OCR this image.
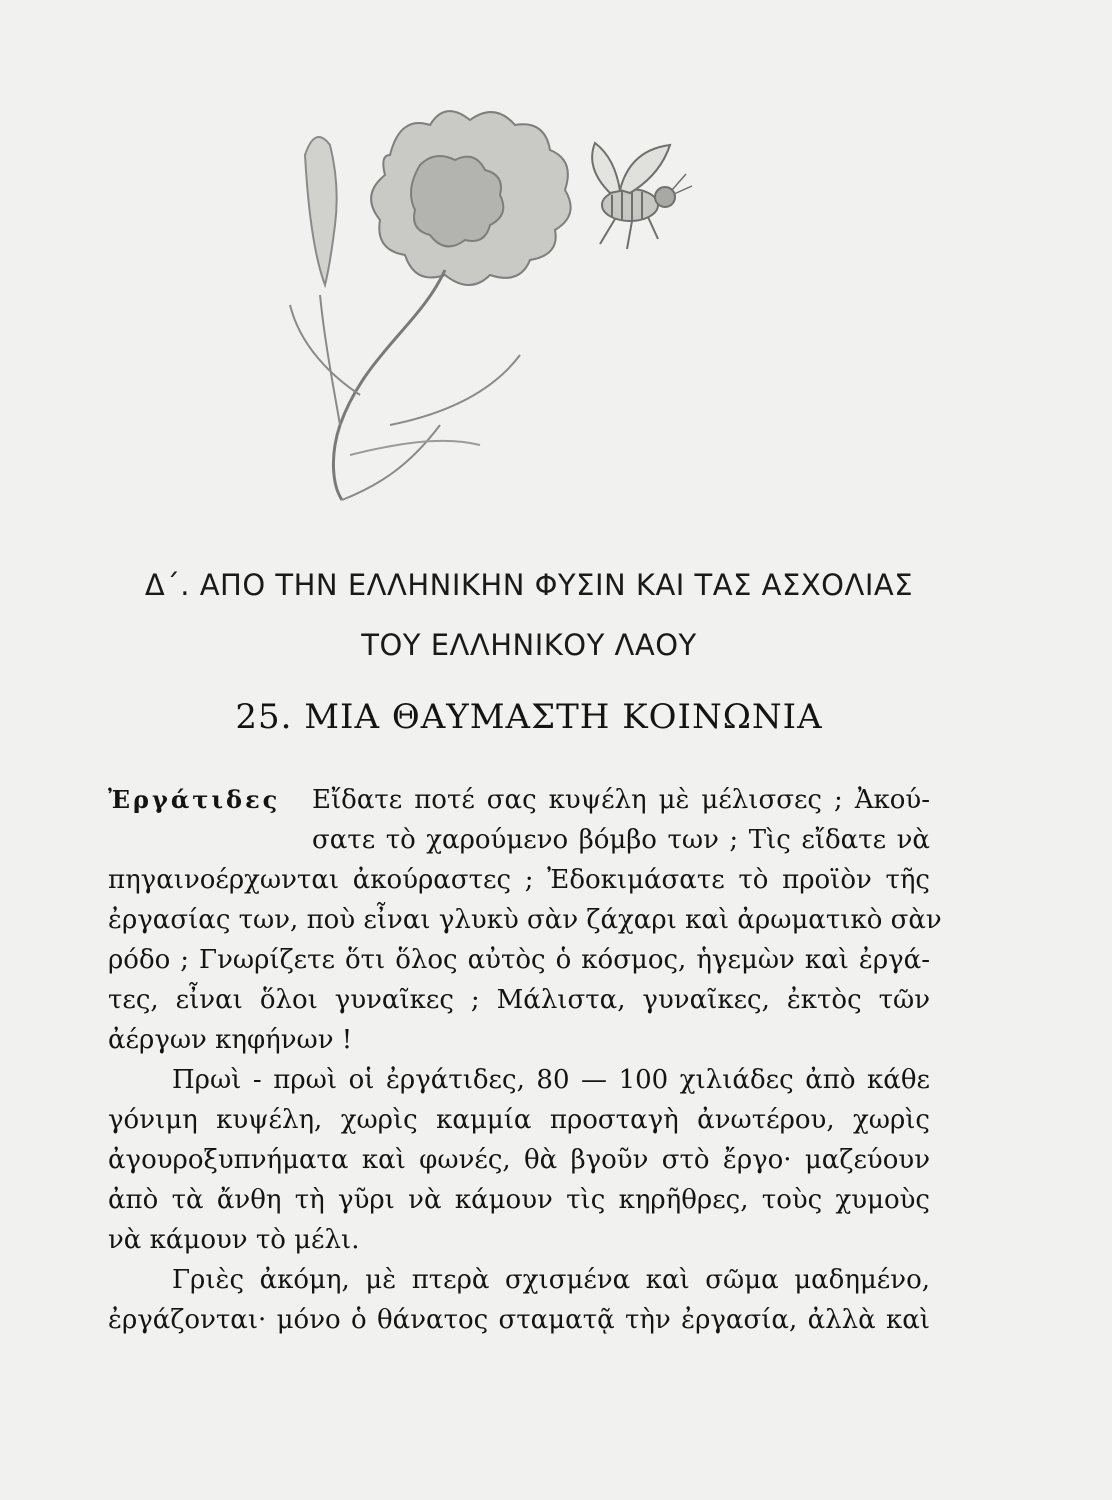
Δ΄. ΑΠΟ ΤΗΝ ΕΛΛΗΝΙΚΗΝ ΦΥΣΙΝ ΚΑΙ ΤΑΣ ΑΣΧΟΛΙΑΣ
ΤΟΥ ΕΛΛΗΝΙΚΟΥ ΛΑΟΥ
25. ΜΙΑ ΘΑΥΜΑΣΤΗ ΚΟΙΝΩΝΙΑ
Ἐργάτιδες Εἴδατε ποτέ σας κυψέλη μὲ μέλισσες ; Ἀκού-
σατε τὸ χαρούμενο βόμβο των ; Τὶς εἴδατε νὰ
πηγαινοέρχωνται ἀκούραστες ; Ἐδοκιμάσατε τὸ προϊὸν τῆς
ἐργασίας των, ποὺ εἶναι γλυκὺ σὰν ζάχαρι καὶ ἀρωματικὸ σὰν
ρόδο ; Γνωρίζετε ὅτι ὅλος αὐτὸς ὁ κόσμος, ἡγεμὼν καὶ ἐργά-
τες, εἶναι ὅλοι γυναῖκες ; Μάλιστα, γυναῖκες, ἐκτὸς τῶν
ἀέργων κηφήνων !
Πρωὶ - πρωὶ οἱ ἐργάτιδες, 80 — 100 χιλιάδες ἀπὸ κάθε
γόνιμη κυψέλη, χωρὶς καμμία προσταγὴ ἀνωτέρου, χωρὶς
ἀγουροξυπνήματα καὶ φωνές, θὰ βγοῦν στὸ ἔργο· μαζεύουν
ἀπὸ τὰ ἄνθη τὴ γῦρι νὰ κάμουν τὶς κηρῆθρες, τοὺς χυμοὺς
νὰ κάμουν τὸ μέλι.
Γριὲς ἀκόμη, μὲ πτερὰ σχισμένα καὶ σῶμα μαδημένο,
ἐργάζονται· μόνο ὁ θάνατος σταματᾷ τὴν ἐργασία, ἀλλὰ καὶ
